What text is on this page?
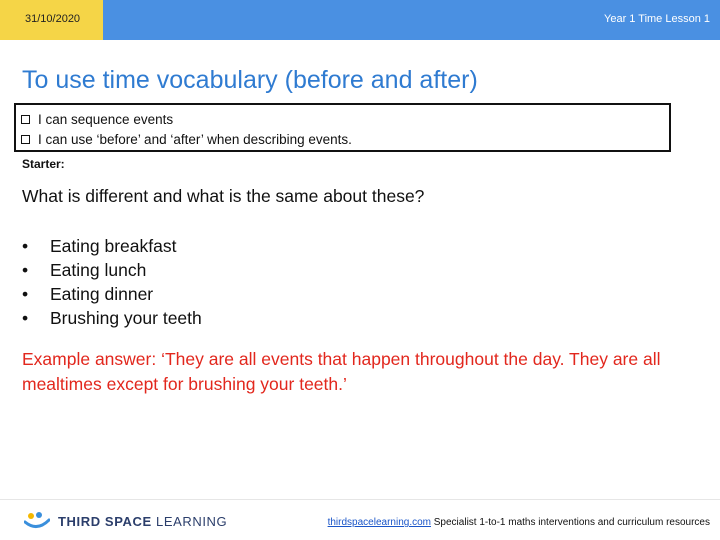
31/10/2020	Year 1 Time Lesson 1
To use time vocabulary (before and after)
I can sequence events
I can use ‘before’ and ‘after’ when describing events.
Starter:
What is different and what is the same about these?
• Eating breakfast
• Eating lunch
• Eating dinner
• Brushing your teeth
Example answer: ‘They are all events that happen throughout the day. They are all mealtimes except for brushing your teeth.’
THIRD SPACE LEARNING	thirdspacelearning.com Specialist 1-to-1 maths interventions and curriculum resources
